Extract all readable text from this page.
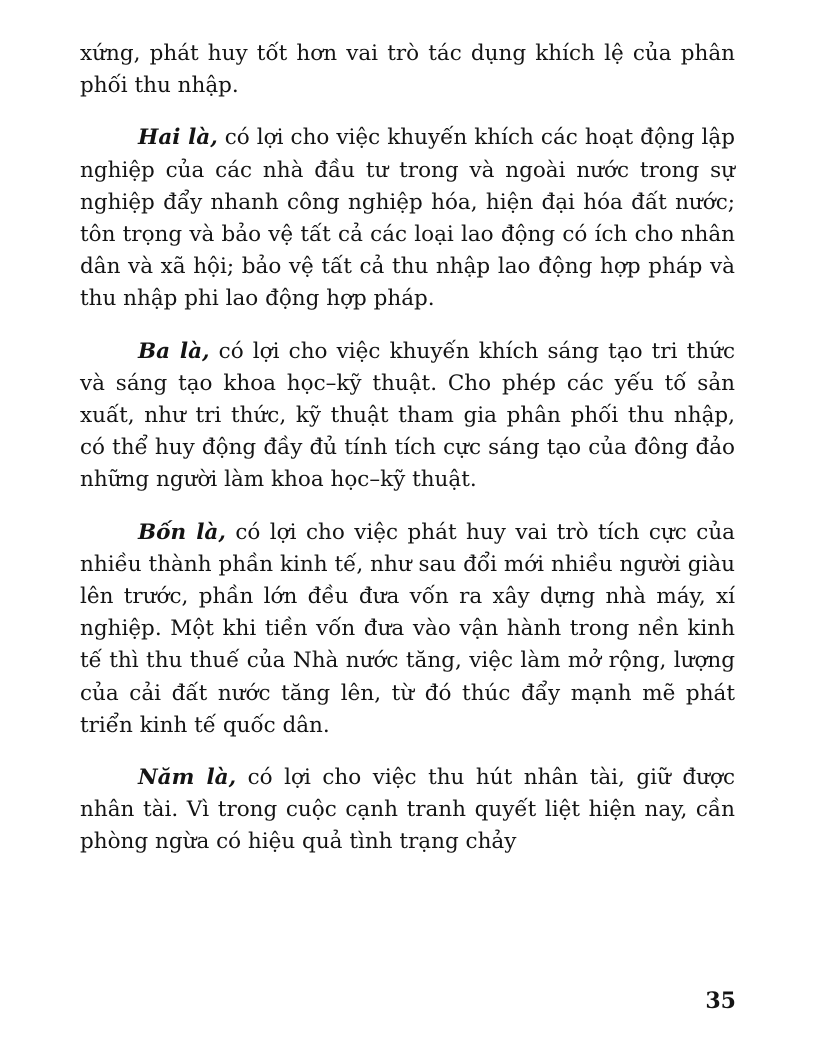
xứng, phát huy tốt hơn vai trò tác dụng khích lệ của phân phối thu nhập.

Hai là, có lợi cho việc khuyến khích các hoạt động lập nghiệp của các nhà đầu tư trong và ngoài nước trong sự nghiệp đẩy nhanh công nghiệp hóa, hiện đại hóa đất nước; tôn trọng và bảo vệ tất cả các loại lao động có ích cho nhân dân và xã hội; bảo vệ tất cả thu nhập lao động hợp pháp và thu nhập phi lao động hợp pháp.

Ba là, có lợi cho việc khuyến khích sáng tạo tri thức và sáng tạo khoa học–kỹ thuật. Cho phép các yếu tố sản xuất, như tri thức, kỹ thuật tham gia phân phối thu nhập, có thể huy động đầy đủ tính tích cực sáng tạo của đông đảo những người làm khoa học–kỹ thuật.

Bốn là, có lợi cho việc phát huy vai trò tích cực của nhiều thành phần kinh tế, như sau đổi mới nhiều người giàu lên trước, phần lớn đều đưa vốn ra xây dựng nhà máy, xí nghiệp. Một khi tiền vốn đưa vào vận hành trong nền kinh tế thì thu thuế của Nhà nước tăng, việc làm mở rộng, lượng của cải đất nước tăng lên, từ đó thúc đẩy mạnh mẽ phát triển kinh tế quốc dân.

Năm là, có lợi cho việc thu hút nhân tài, giữ được nhân tài. Vì trong cuộc cạnh tranh quyết liệt hiện nay, cần phòng ngừa có hiệu quả tình trạng chảy

35
